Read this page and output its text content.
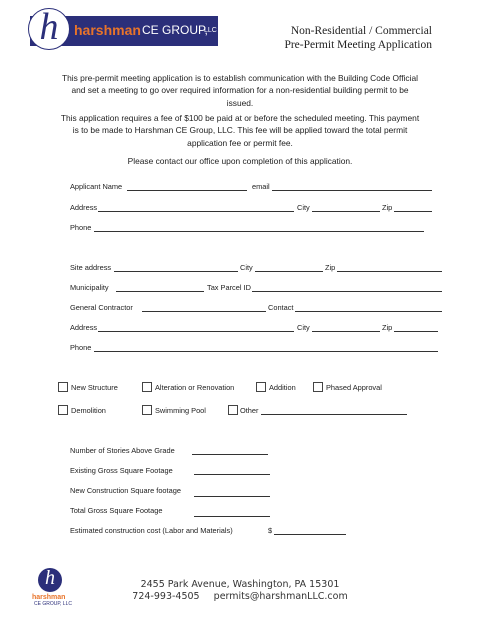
h	harshman CE GROUP,
LLC	Non-Residential / Commercial
Pre-Permit Meeting Application
This pre-permit meeting application is to establish communication with the Building Code Official and set a meeting to go over required information for a non-residential building permit to be issued.
This application requires a fee of $100 be paid at or before the scheduled meeting. This payment is to be made to Harshman CE Group, LLC. This fee will be applied toward the total permit application fee or permit fee.
Please contact our office upon completion of this application.
Applicant Name	email
Address	City	Zip
Phone
Site address	City	Zip
Municipality	Tax Parcel ID
General Contractor	Contact
Address	City	Zip
Phone
New Structure	Alteration or Renovation	Addition	Phased Approval
Demolition	Swimming Pool	Other
Number of Stories Above Grade
Existing Gross Square Footage
New Construction Square footage
Total Gross Square Footage
Estimated construction cost (Labor and Materials)	$
h
harshman
CE GROUP, LLC
2455 Park Avenue, Washington, PA 15301
724-993-4505 permits@harshmanLLC.com
